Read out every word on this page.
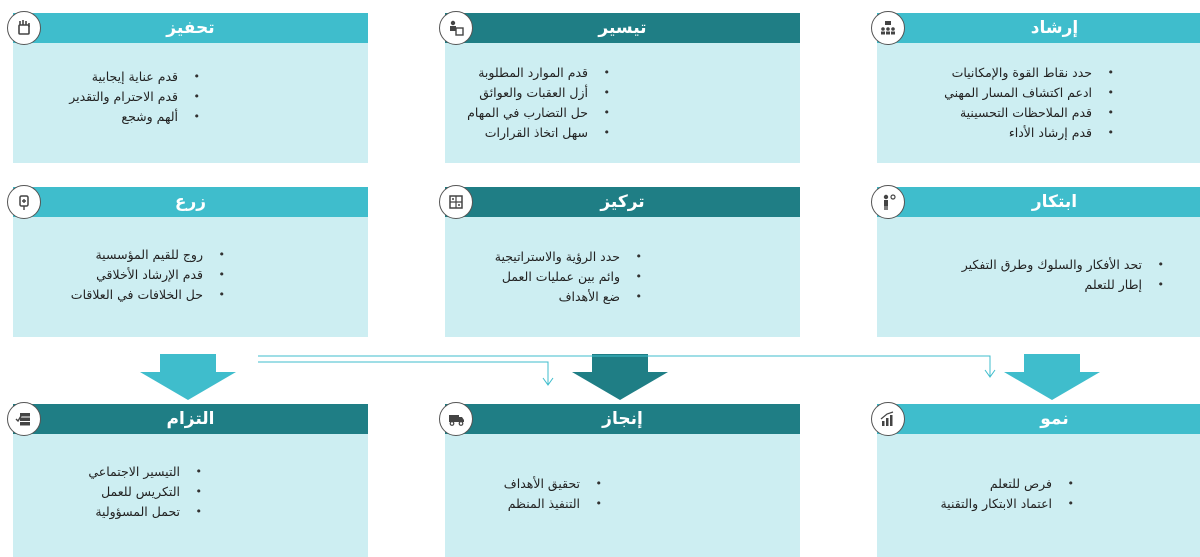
تحفيز
قدم عناية إيجابية •
قدم الاحترام والتقدير •
ألهم وشجع •
تيسير
قدم الموارد المطلوبة •
أزل العقبات والعوائق •
حل التضارب في المهام •
سهل اتخاذ القرارات •
إرشاد
حدد نقاط القوة والإمكانيات •
ادعم اكتشاف المسار المهني •
قدم الملاحظات التحسينية •
قدم إرشاد الأداء •
زرع
روج للقيم المؤسسية •
قدم الإرشاد الأخلاقي •
حل الخلافات في العلاقات •
تركيز
حدد الرؤية والاستراتيجية •
وائم بين عمليات العمل •
ضع الأهداف •
ابتكار
تحد الأفكار والسلوك وطرق التفكير •
إطار للتعلم •
التزام
التيسير الاجتماعي •
التكريس للعمل •
تحمل المسؤولية •
إنجاز
تحقيق الأهداف •
التنفيذ المنظم •
نمو
فرص للتعلم •
اعتماد الابتكار والتقنية •
